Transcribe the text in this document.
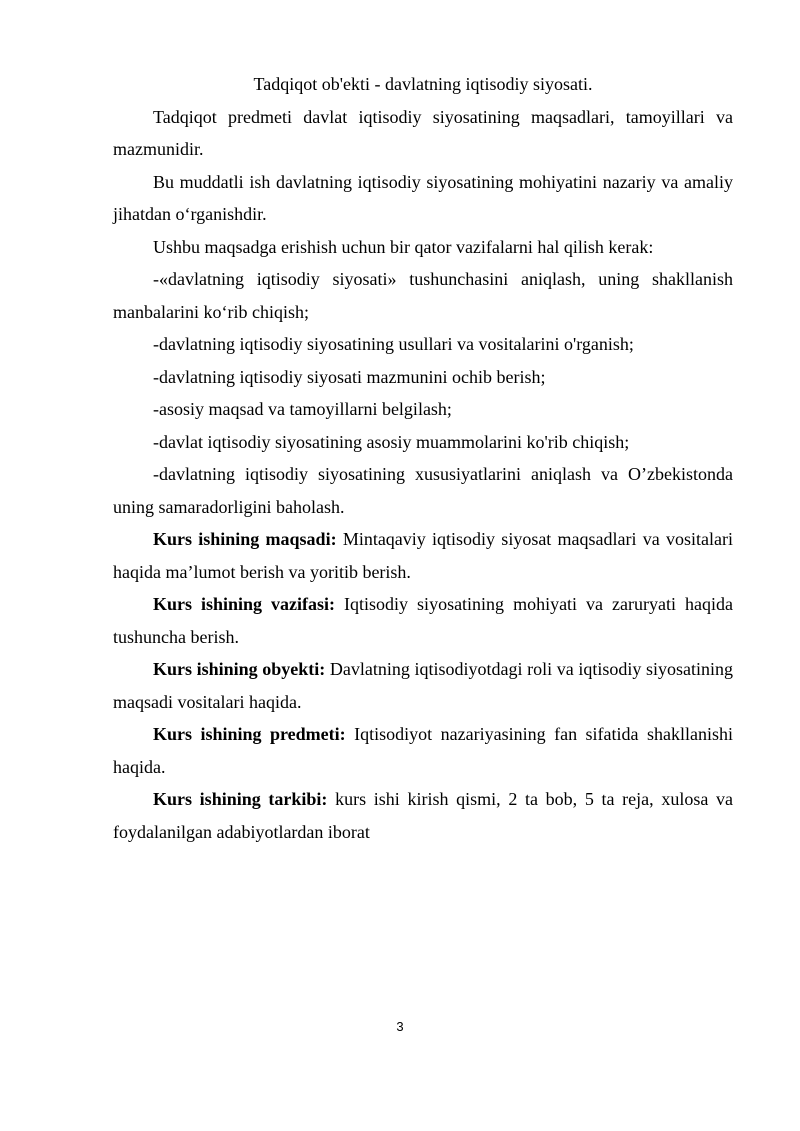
Tadqiqot ob'ekti - davlatning iqtisodiy siyosati.

Tadqiqot predmeti davlat iqtisodiy siyosatining maqsadlari, tamoyillari va mazmunidir.

Bu muddatli ish davlatning iqtisodiy siyosatining mohiyatini nazariy va amaliy jihatdan o‘rganishdir.

Ushbu maqsadga erishish uchun bir qator vazifalarni hal qilish kerak:

-«davlatning iqtisodiy siyosati» tushunchasini aniqlash, uning shakllanish manbalarini ko‘rib chiqish;

-davlatning iqtisodiy siyosatining usullari va vositalarini o'rganish;

-davlatning iqtisodiy siyosati mazmunini ochib berish;

-asosiy maqsad va tamoyillarni belgilash;

-davlat iqtisodiy siyosatining asosiy muammolarini ko'rib chiqish;

-davlatning iqtisodiy siyosatining xususiyatlarini aniqlash va O’zbekistonda uning samaradorligini baholash.

Kurs ishining maqsadi: Mintaqaviy iqtisodiy siyosat maqsadlari va vositalari haqida ma’lumot berish va yoritib berish.

Kurs ishining vazifasi: Iqtisodiy siyosatining mohiyati va zaruryati haqida tushuncha berish.

Kurs ishining obyekti: Davlatning iqtisodiyotdagi roli va iqtisodiy siyosatining maqsadi vositalari haqida.

Kurs ishining predmeti: Iqtisodiyot nazariyasining fan sifatida shakllanishi haqida.

Kurs ishining tarkibi: kurs ishi kirish qismi, 2 ta bob, 5 ta reja, xulosa va foydalanilgan adabiyotlardan iborat

3
